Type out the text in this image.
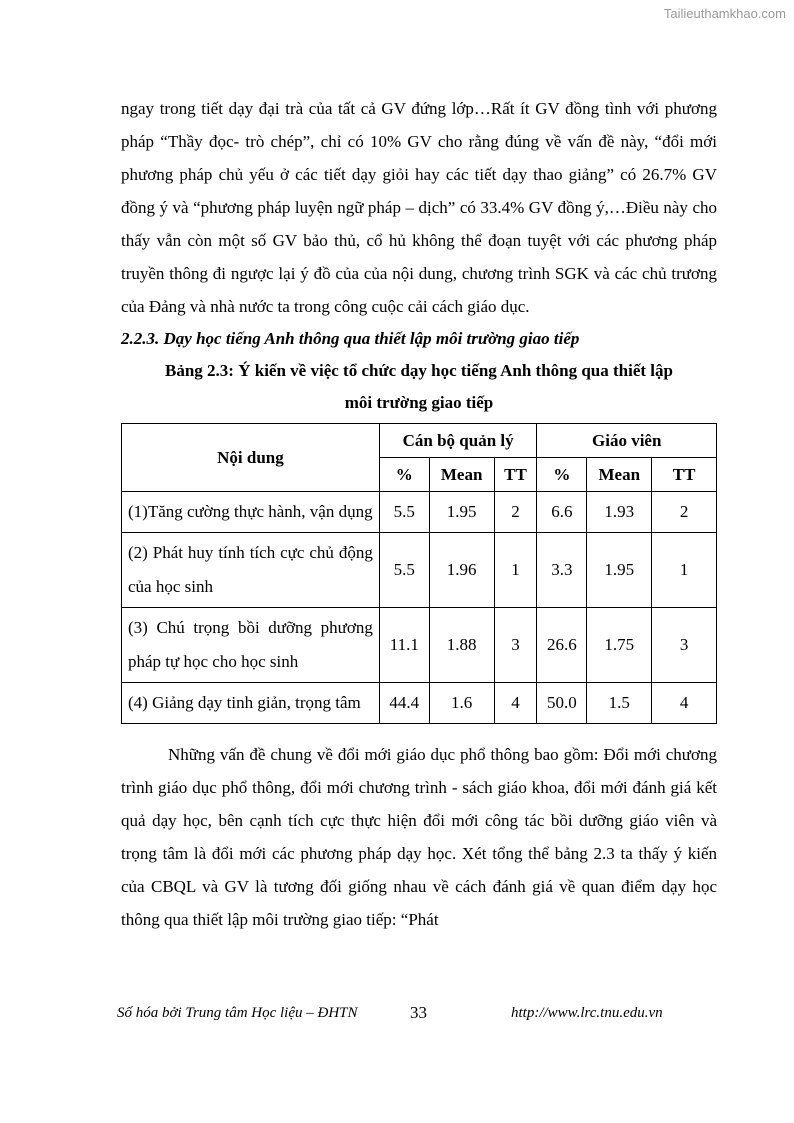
Tailieuthamkhao.com

ngay trong tiết dạy đại trà của tất cả GV đứng lớp…Rất ít GV đồng tình với phương pháp “Thầy đọc- trò chép”, chỉ có 10% GV cho rằng đúng về vấn đề này, “đổi mới phương pháp chủ yếu ở các tiết dạy giỏi hay các tiết dạy thao giảng” có 26.7% GV đồng ý và “phương pháp luyện ngữ pháp – dịch” có 33.4% GV đồng ý,…Điều này cho thấy vẫn còn một số GV bảo thủ, cổ hủ không thể đoạn tuyệt với các phương pháp truyền thông đi ngược lại ý đồ của của nội dung, chương trình SGK và các chủ trương của Đảng và nhà nước ta trong công cuộc cải cách giáo dục.

2.2.3. Dạy học tiếng Anh thông qua thiết lập môi trường giao tiếp

Bảng 2.3: Ý kiến về việc tổ chức dạy học tiếng Anh thông qua thiết lập

môi trường giao tiếp

Nội dung	Cán bộ quản lý			Giáo viên		
	%	Mean	TT	%	Mean	TT
(1)Tăng cường thực hành, vận dụng	5.5	1.95	2	6.6	1.93	2
(2) Phát huy tính tích cực chủ động của học sinh	5.5	1.96	1	3.3	1.95	1
(3) Chú trọng bồi dưỡng phương pháp tự học cho học sinh	11.1	1.88	3	26.6	1.75	3
(4) Giảng dạy tinh giản, trọng tâm	44.4	1.6	4	50.0	1.5	4

Những vấn đề chung về đổi mới giáo dục phổ thông bao gồm: Đổi mới chương trình giáo dục phổ thông, đổi mới chương trình - sách giáo khoa, đổi mới đánh giá kết quả dạy học, bên cạnh tích cực thực hiện đổi mới công tác bồi dưỡng giáo viên và trọng tâm là đổi mới các phương pháp dạy học. Xét tổng thể bảng 2.3 ta thấy ý kiến của CBQL và GV là tương đối giống nhau về cách đánh giá về quan điểm dạy học thông qua thiết lập môi trường giao tiếp: “Phát

Số hóa bởi Trung tâm Học liệu – ĐHTN	33	http://www.lrc.tnu.edu.vn
